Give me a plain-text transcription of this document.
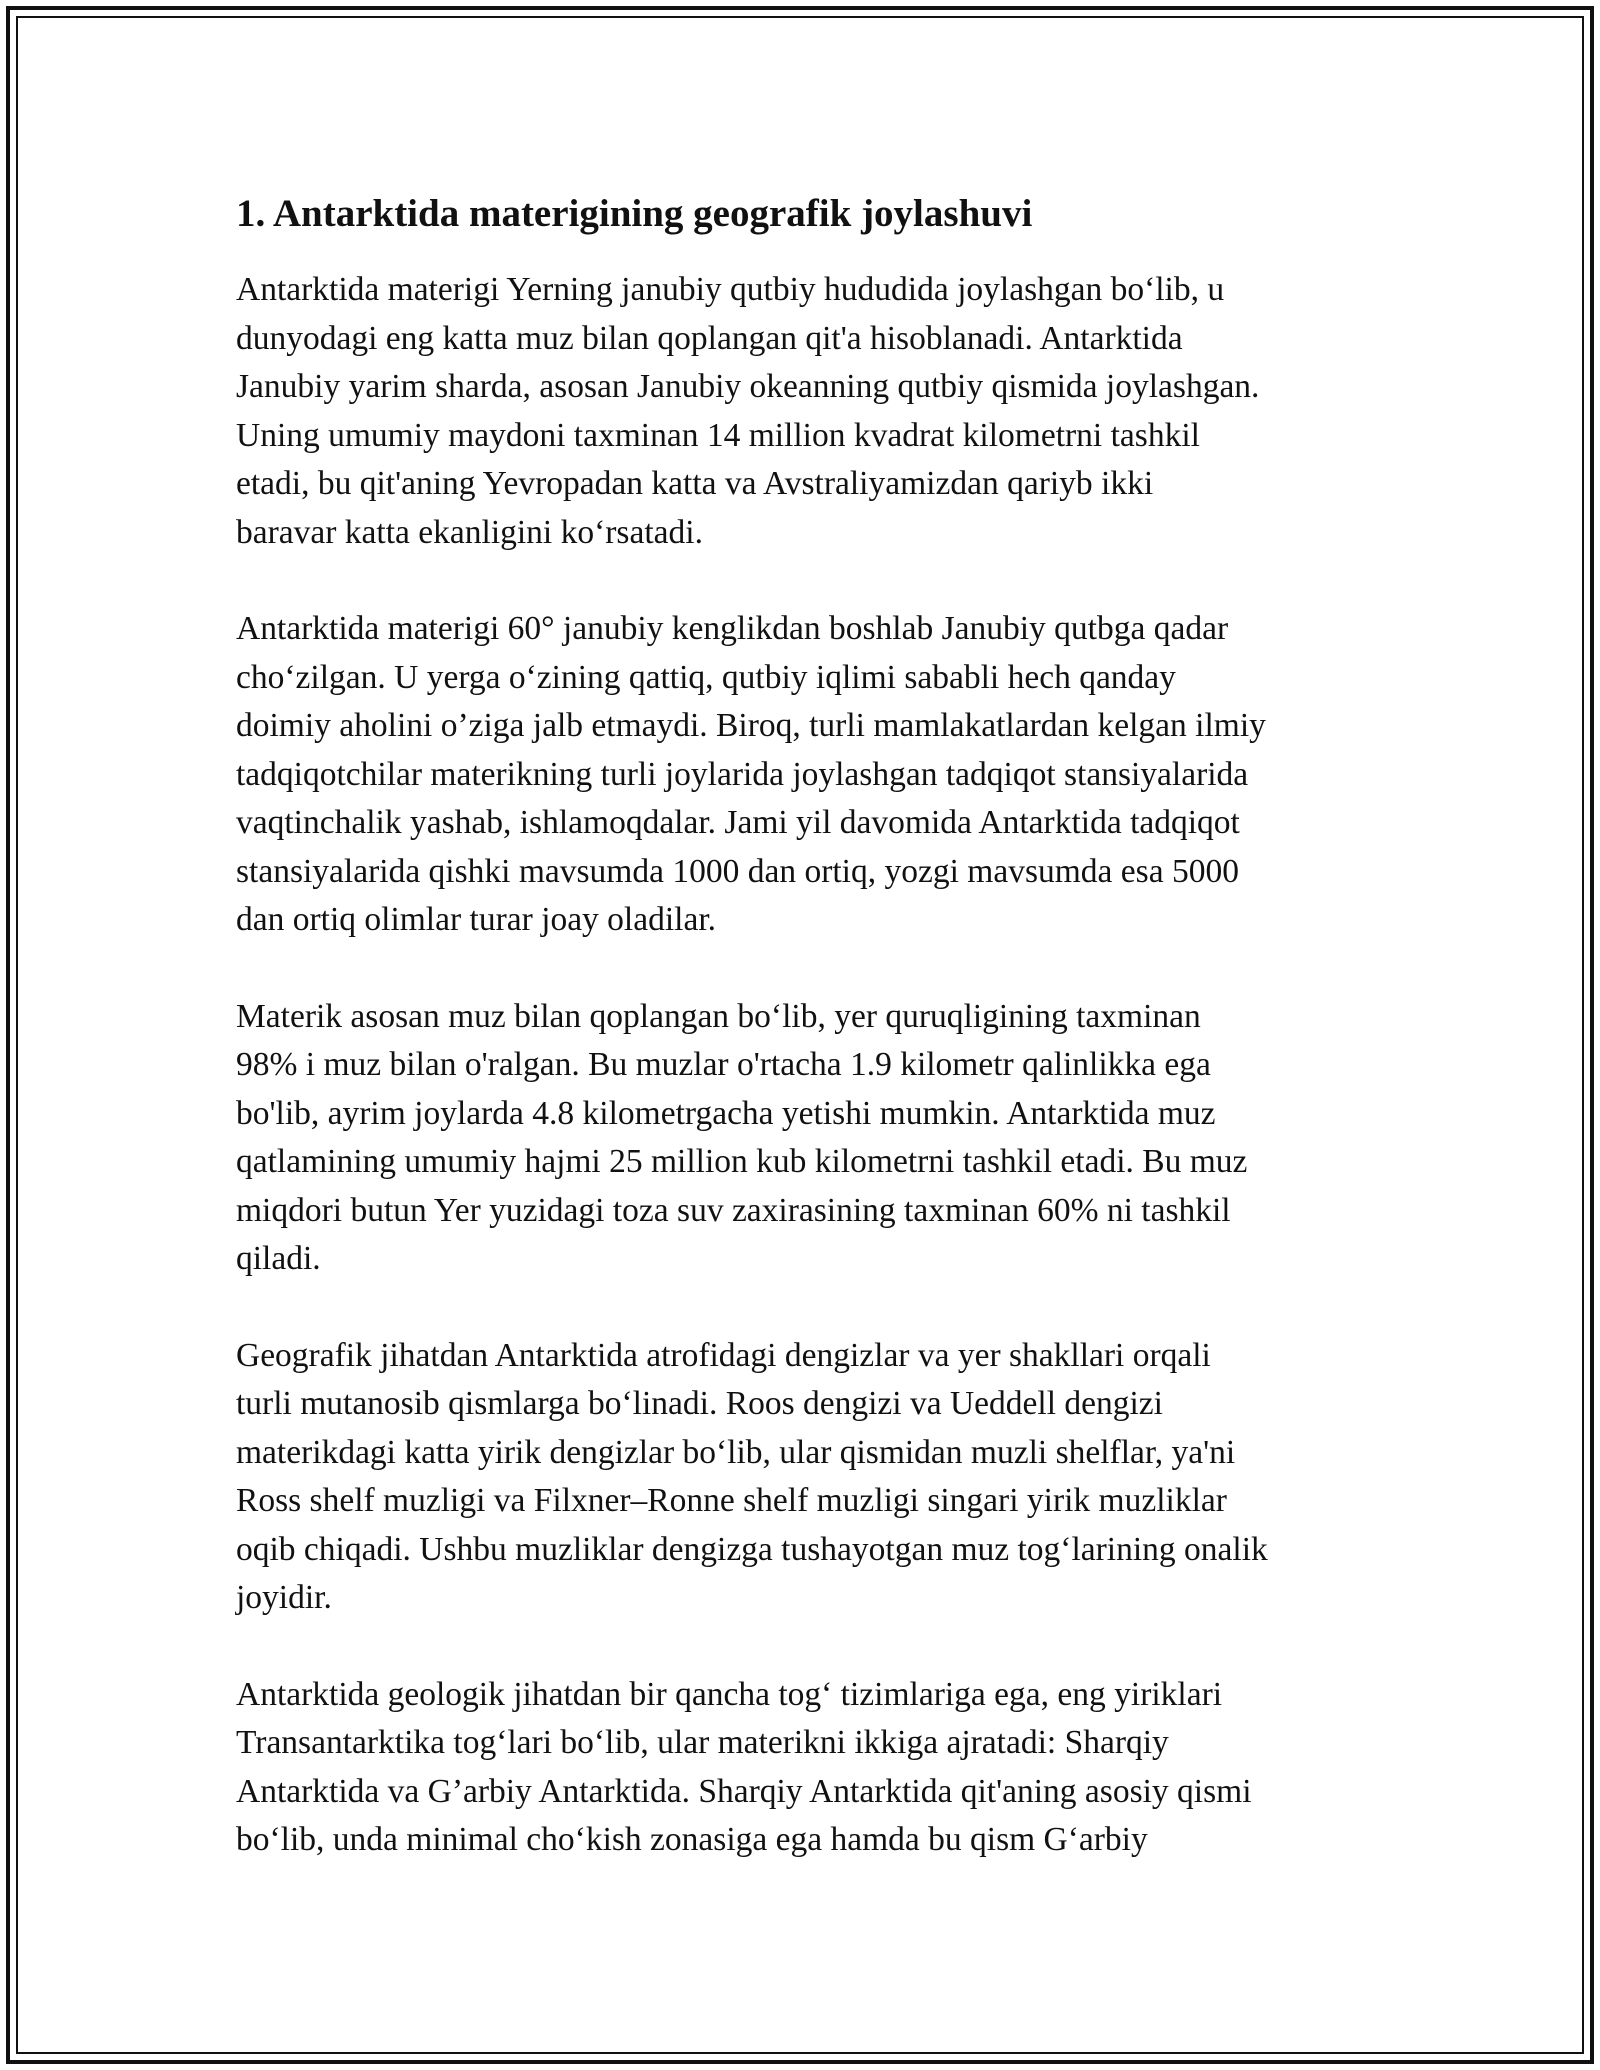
1. Antarktida materigining geografik joylashuvi

Antarktida materigi Yerning janubiy qutbiy hududida joylashgan bo‘lib, u
dunyodagi eng katta muz bilan qoplangan qit'a hisoblanadi. Antarktida
Janubiy yarim sharda, asosan Janubiy okeanning qutbiy qismida joylashgan.
Uning umumiy maydoni taxminan 14 million kvadrat kilometrni tashkil
etadi, bu qit'aning Yevropadan katta va Avstraliyamizdan qariyb ikki
baravar katta ekanligini ko‘rsatadi.

Antarktida materigi 60° janubiy kenglikdan boshlab Janubiy qutbga qadar
cho‘zilgan. U yerga o‘zining qattiq, qutbiy iqlimi sababli hech qanday
doimiy aholini o’ziga jalb etmaydi. Biroq, turli mamlakatlardan kelgan ilmiy
tadqiqotchilar materikning turli joylarida joylashgan tadqiqot stansiyalarida
vaqtinchalik yashab, ishlamoqdalar. Jami yil davomida Antarktida tadqiqot
stansiyalarida qishki mavsumda 1000 dan ortiq, yozgi mavsumda esa 5000
dan ortiq olimlar turar joay oladilar.

Materik asosan muz bilan qoplangan bo‘lib, yer quruqligining taxminan
98% i muz bilan o'ralgan. Bu muzlar o'rtacha 1.9 kilometr qalinlikka ega
bo'lib, ayrim joylarda 4.8 kilometrgacha yetishi mumkin. Antarktida muz
qatlamining umumiy hajmi 25 million kub kilometrni tashkil etadi. Bu muz
miqdori butun Yer yuzidagi toza suv zaxirasining taxminan 60% ni tashkil
qiladi.

Geografik jihatdan Antarktida atrofidagi dengizlar va yer shakllari orqali
turli mutanosib qismlarga bo‘linadi. Roos dengizi va Ueddell dengizi
materikdagi katta yirik dengizlar bo‘lib, ular qismidan muzli shelflar, ya'ni
Ross shelf muzligi va Filxner–Ronne shelf muzligi singari yirik muzliklar
oqib chiqadi. Ushbu muzliklar dengizga tushayotgan muz tog‘larining onalik
joyidir.

Antarktida geologik jihatdan bir qancha tog‘ tizimlariga ega, eng yiriklari
Transantarktika tog‘lari bo‘lib, ular materikni ikkiga ajratadi: Sharqiy
Antarktida va G’arbiy Antarktida. Sharqiy Antarktida qit'aning asosiy qismi
bo‘lib, unda minimal cho‘kish zonasiga ega hamda bu qism G‘arbiy
